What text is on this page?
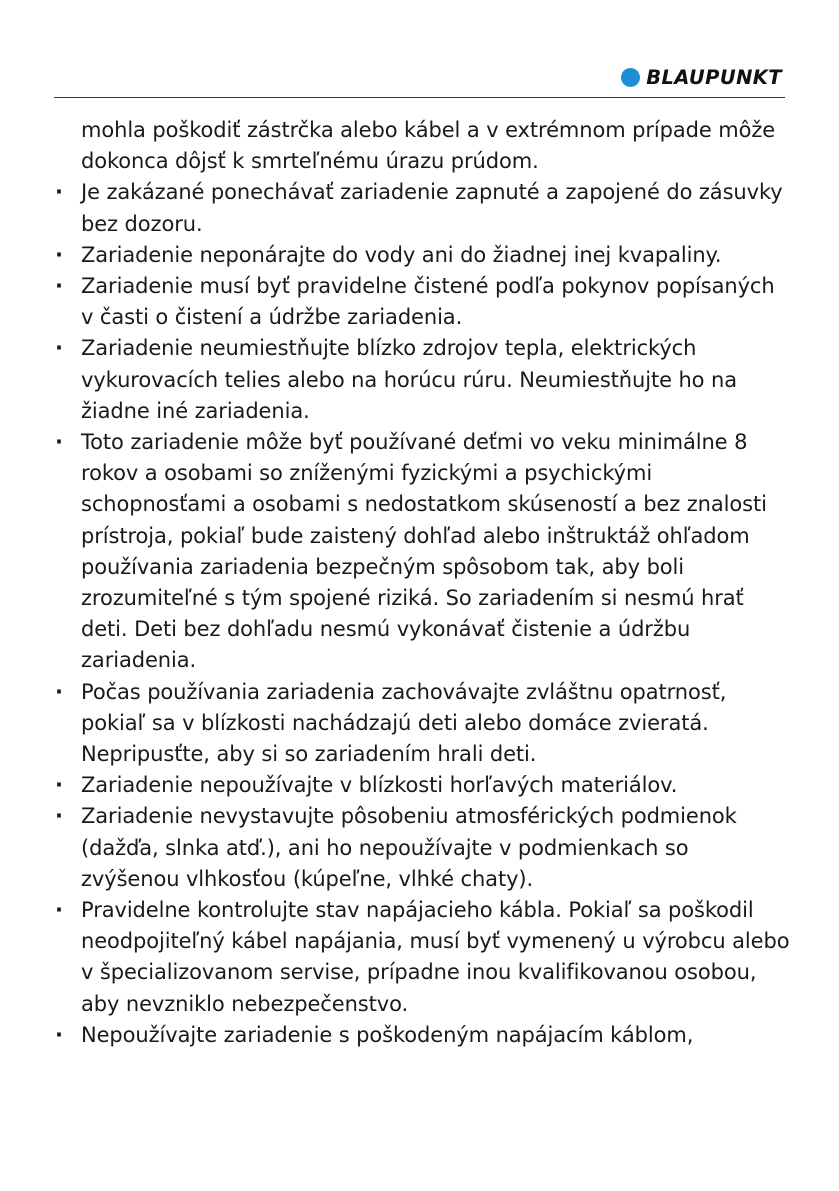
BLAUPUNKT
mohla poškodiť zástrčka alebo kábel a v extrémnom prípade môže dokonca dôjsť k smrteľnému úrazu prúdom.
·
Je zakázané ponechávať zariadenie zapnuté a zapojené do zásuvky bez dozoru.
·
Zariadenie neponárajte do vody ani do žiadnej inej kvapaliny.
·
Zariadenie musí byť pravidelne čistené podľa pokynov popísaných v časti o čistení a údržbe zariadenia.
·
Zariadenie neumiestňujte blízko zdrojov tepla, elektrických vykurovacích telies alebo na horúcu rúru. Neumiestňujte ho na žiadne iné zariadenia.
·
Toto zariadenie môže byť používané deťmi vo veku minimálne 8 rokov a osobami so zníženými fyzickými a psychickými schopnosťami a osobami s nedostatkom skúseností a bez znalosti prístroja, pokiaľ bude zaistený dohľad alebo inštruktáž ohľadom používania zariadenia bezpečným spôsobom tak, aby boli zrozumiteľné s tým spojené riziká. So zariadením si nesmú hrať deti. Deti bez dohľadu nesmú vykonávať čistenie a údržbu zariadenia.
·
Počas používania zariadenia zachovávajte zvláštnu opatrnosť, pokiaľ sa v blízkosti nachádzajú deti alebo domáce zvieratá. Nepripusťte, aby si so zariadením hrali deti.
·
Zariadenie nepoužívajte v blízkosti horľavých materiálov.
·
Zariadenie nevystavujte pôsobeniu atmosférických podmienok (dažďa, slnka atď.), ani ho nepoužívajte v podmienkach so zvýšenou vlhkosťou (kúpeľne, vlhké chaty).
·
Pravidelne kontrolujte stav napájacieho kábla. Pokiaľ sa poškodil neodpojiteľný kábel napájania, musí byť vymenený u výrobcu alebo v špecializovanom servise, prípadne inou kvalifikovanou osobou, aby nevzniklo nebezpečenstvo.
·
Nepoužívajte zariadenie s poškodeným napájacím káblom,
